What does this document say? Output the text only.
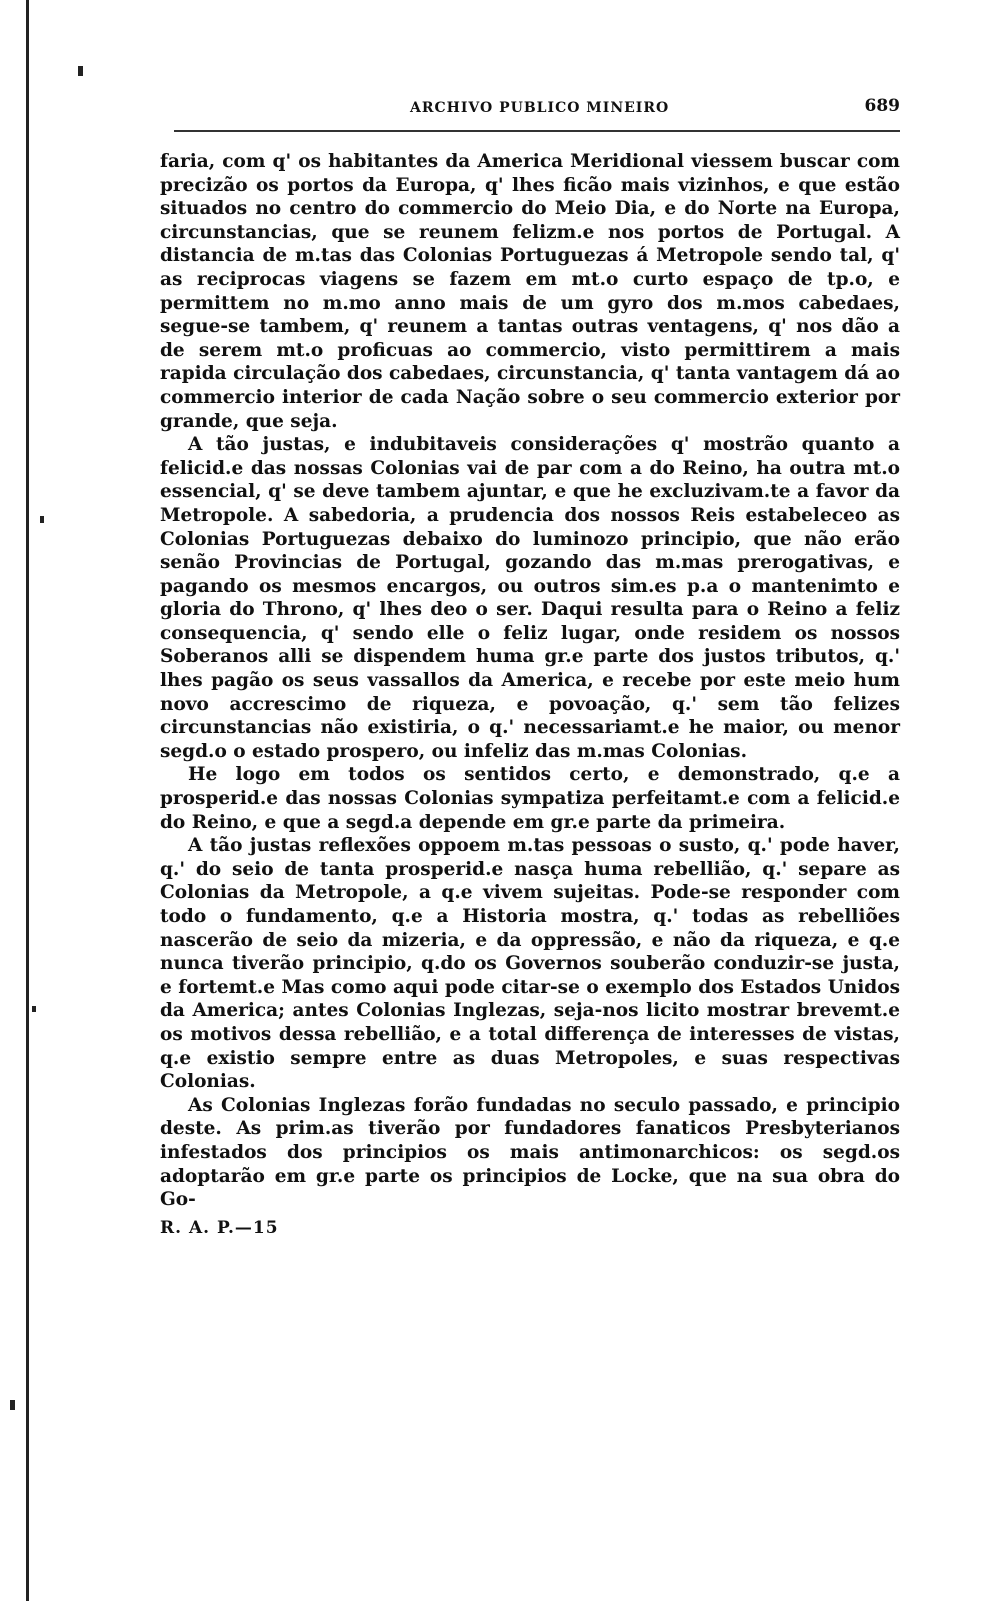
ARCHIVO PUBLICO MINEIRO	689

faria, com q' os habitantes da America Meridional viessem buscar com precizão os portos da Europa, q' lhes ficão mais vizinhos, e que estão situados no centro do commercio do Meio Dia, e do Norte na Europa, circunstancias, que se reunem felizm.e nos portos de Portugal. A distancia de m.tas das Colonias Portuguezas á Metropole sendo tal, q' as reciprocas viagens se fazem em mt.o curto espaço de tp.o, e permittem no m.mo anno mais de um gyro dos m.mos cabedaes, segue-se tambem, q' reunem a tantas outras ventagens, q' nos dão a de serem mt.o proficuas ao commercio, visto permittirem a mais rapida circulação dos cabedaes, circunstancia, q' tanta vantagem dá ao commercio interior de cada Nação sobre o seu commercio exterior por grande, que seja.

A tão justas, e indubitaveis considerações q' mostrão quanto a felicid.e das nossas Colonias vai de par com a do Reino, ha outra mt.o essencial, q' se deve tambem ajuntar, e que he excluzivam.te a favor da Metropole. A sabedoria, a prudencia dos nossos Reis estabeleceo as Colonias Portuguezas debaixo do luminozo principio, que não erão senão Provincias de Portugal, gozando das m.mas prerogativas, e pagando os mesmos encargos, ou outros sim.es p.a o mantenimto e gloria do Throno, q' lhes deo o ser. Daqui resulta para o Reino a feliz consequencia, q' sendo elle o feliz lugar, onde residem os nossos Soberanos alli se dispendem huma gr.e parte dos justos tributos, q.' lhes pagão os seus vassallos da America, e recebe por este meio hum novo accrescimo de riqueza, e povoação, q.' sem tão felizes circunstancias não existiria, o q.' necessariamt.e he maior, ou menor segd.o o estado prospero, ou infeliz das m.mas Colonias.

He logo em todos os sentidos certo, e demonstrado, q.e a prosperid.e das nossas Colonias sympatiza perfeitamt.e com a felicid.e do Reino, e que a segd.a depende em gr.e parte da primeira.

A tão justas reflexões oppoem m.tas pessoas o susto, q.' pode haver, q.' do seio de tanta prosperid.e nasça huma rebellião, q.' separe as Colonias da Metropole, a q.e vivem sujeitas. Pode-se responder com todo o fundamento, q.e a Historia mostra, q.' todas as rebelliões nascerão de seio da mizeria, e da oppressão, e não da riqueza, e q.e nunca tiverão principio, q.do os Governos souberão conduzir-se justa, e fortemt.e Mas como aqui pode citar-se o exemplo dos Estados Unidos da America; antes Colonias Inglezas, seja-nos licito mostrar brevemt.e os motivos dessa rebellião, e a total differença de interesses de vistas, q.e existio sempre entre as duas Metropoles, e suas respectivas Colonias.

As Colonias Inglezas forão fundadas no seculo passado, e principio deste. As prim.as tiverão por fundadores fanaticos Presbyterianos infestados dos principios os mais antimonarchicos: os segd.os adoptarão em gr.e parte os principios de Locke, que na sua obra do Go-

R. A. P.—15
